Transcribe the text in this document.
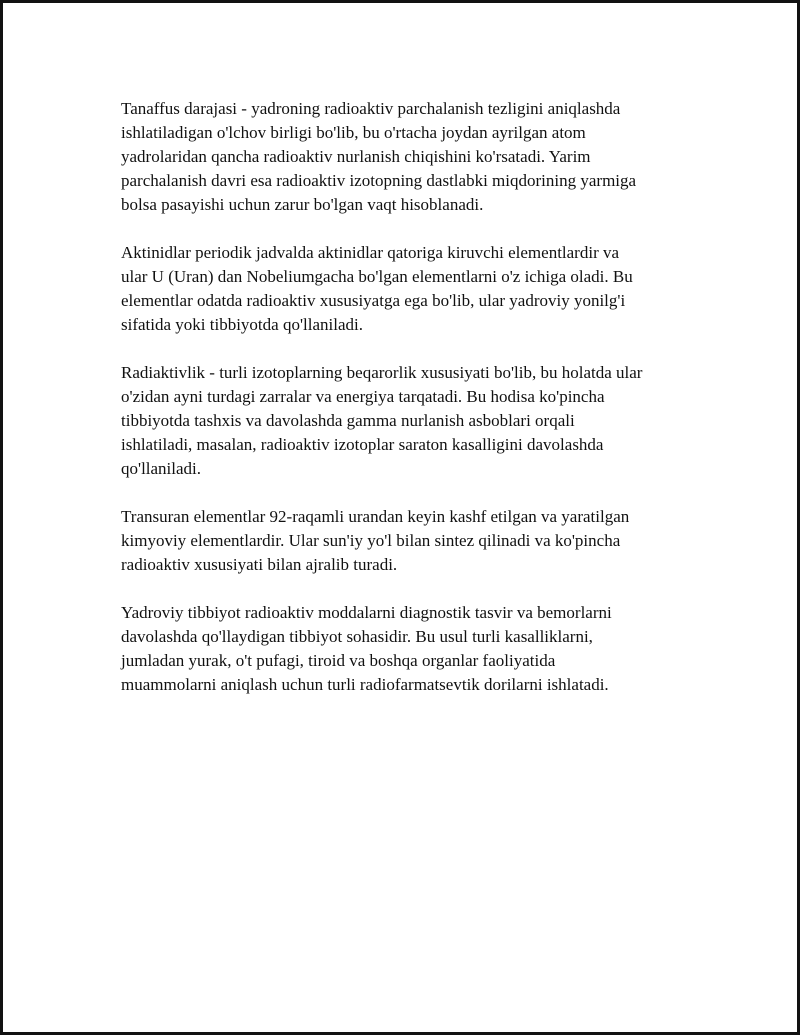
Tanaffus darajasi - yadroning radioaktiv parchalanish tezligini aniqlashda
ishlatiladigan o'lchov birligi bo'lib, bu o'rtacha joydan ayrilgan atom
yadrolaridan qancha radioaktiv nurlanish chiqishini ko'rsatadi. Yarim
parchalanish davri esa radioaktiv izotopning dastlabki miqdorining yarmiga
bolsa pasayishi uchun zarur bo'lgan vaqt hisoblanadi.

Aktinidlar periodik jadvalda aktinidlar qatoriga kiruvchi elementlardir va
ular U (Uran) dan Nobeliumgacha bo'lgan elementlarni o'z ichiga oladi. Bu
elementlar odatda radioaktiv xususiyatga ega bo'lib, ular yadroviy yonilg'i
sifatida yoki tibbiyotda qo'llaniladi.

Radiaktivlik - turli izotoplarning beqarorlik xususiyati bo'lib, bu holatda ular
o'zidan ayni turdagi zarralar va energiya tarqatadi. Bu hodisa ko'pincha
tibbiyotda tashxis va davolashda gamma nurlanish asboblari orqali
ishlatiladi, masalan, radioaktiv izotoplar saraton kasalligini davolashda
qo'llaniladi.

Transuran elementlar 92-raqamli urandan keyin kashf etilgan va yaratilgan
kimyoviy elementlardir. Ular sun'iy yo'l bilan sintez qilinadi va ko'pincha
radioaktiv xususiyati bilan ajralib turadi.

Yadroviy tibbiyot radioaktiv moddalarni diagnostik tasvir va bemorlarni
davolashda qo'llaydigan tibbiyot sohasidir. Bu usul turli kasalliklarni,
jumladan yurak, o't pufagi, tiroid va boshqa organlar faoliyatida
muammolarni aniqlash uchun turli radiofarmatsevtik dorilarni ishlatadi.
